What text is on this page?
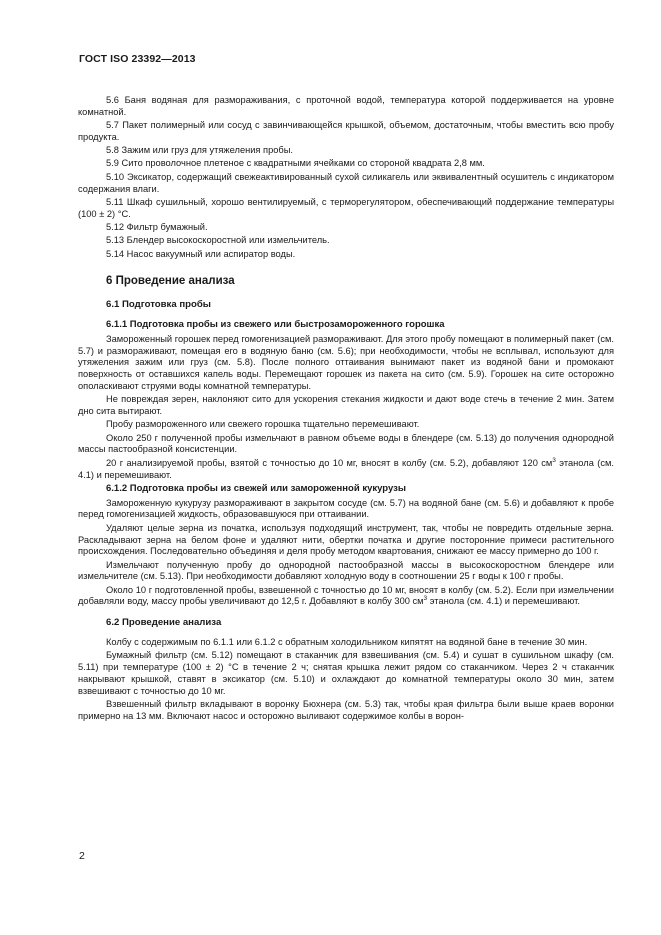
ГОСТ ISO 23392—2013

5.6 Баня водяная для размораживания, с проточной водой, температура которой поддерживается на уровне комнатной.

5.7 Пакет полимерный или сосуд с завинчивающейся крышкой, объемом, достаточным, чтобы вместить всю пробу продукта.

5.8 Зажим или груз для утяжеления пробы.

5.9 Сито проволочное плетеное с квадратными ячейками со стороной квадрата 2,8 мм.

5.10 Эксикатор, содержащий свежеактивированный сухой силикагель или эквивалентный осушитель с индикатором содержания влаги.

5.11 Шкаф сушильный, хорошо вентилируемый, с терморегулятором, обеспечивающий поддержание температуры (100 ± 2) °С.

5.12 Фильтр бумажный.

5.13 Блендер высокоскоростной или измельчитель.

5.14 Насос вакуумный или аспиратор воды.

6 Проведение анализа
6.1 Подготовка пробы
6.1.1 Подготовка пробы из свежего или быстрозамороженного горошка

Замороженный горошек перед гомогенизацией размораживают. Для этого пробу помещают в полимерный пакет (см. 5.7) и размораживают, помещая его в водяную баню (см. 5.6); при необходимости, чтобы не всплывал, используют для утяжеления зажим или груз (см. 5.8). После полного оттаивания вынимают пакет из водяной бани и промокают поверхность от оставшихся капель воды. Перемещают горошек из пакета на сито (см. 5.9). Горошек на сите осторожно ополаскивают струями воды комнатной температуры.

Не повреждая зерен, наклоняют сито для ускорения стекания жидкости и дают воде стечь в течение 2 мин. Затем дно сита вытирают.

Пробу размороженного или свежего горошка тщательно перемешивают.

Около 250 г полученной пробы измельчают в равном объеме воды в блендере (см. 5.13) до получения однородной массы пастообразной консистенции.

20 г анализируемой пробы, взятой с точностью до 10 мг, вносят в колбу (см. 5.2), добавляют 120 $см^3$ этанола (см. 4.1) и перемешивают.

6.1.2 Подготовка пробы из свежей или замороженной кукурузы

Замороженную кукурузу размораживают в закрытом сосуде (см. 5.7) на водяной бане (см. 5.6) и добавляют к пробе перед гомогенизацией жидкость, образовавшуюся при оттаивании.

Удаляют целые зерна из початка, используя подходящий инструмент, так, чтобы не повредить отдельные зерна. Раскладывают зерна на белом фоне и удаляют нити, обертки початка и другие посторонние примеси растительного происхождения. Последовательно объединяя и деля пробу методом квартования, снижают ее массу примерно до 100 г.

Измельчают полученную пробу до однородной пастообразной массы в высокоскоростном блендере или измельчителе (см. 5.13). При необходимости добавляют холодную воду в соотношении 25 г воды к 100 г пробы.

Около 10 г подготовленной пробы, взвешенной с точностью до 10 мг, вносят в колбу (см. 5.2). Если при измельчении добавляли воду, массу пробы увеличивают до 12,5 г. Добавляют в колбу 300 $см^3$ этанола (см. 4.1) и перемешивают.

6.2 Проведение анализа

Колбу с содержимым по 6.1.1 или 6.1.2 с обратным холодильником кипятят на водяной бане в течение 30 мин.

Бумажный фильтр (см. 5.12) помещают в стаканчик для взвешивания (см. 5.4) и сушат в сушильном шкафу (см. 5.11) при температуре (100 ± 2) °С в течение 2 ч; снятая крышка лежит рядом со стаканчиком. Через 2 ч стаканчик накрывают крышкой, ставят в эксикатор (см. 5.10) и охлаждают до комнатной температуры около 30 мин, затем взвешивают с точностью до 10 мг.

Взвешенный фильтр вкладывают в воронку Бюхнера (см. 5.3) так, чтобы края фильтра были выше краев воронки примерно на 13 мм. Включают насос и осторожно выливают содержимое колбы в ворон-

2
